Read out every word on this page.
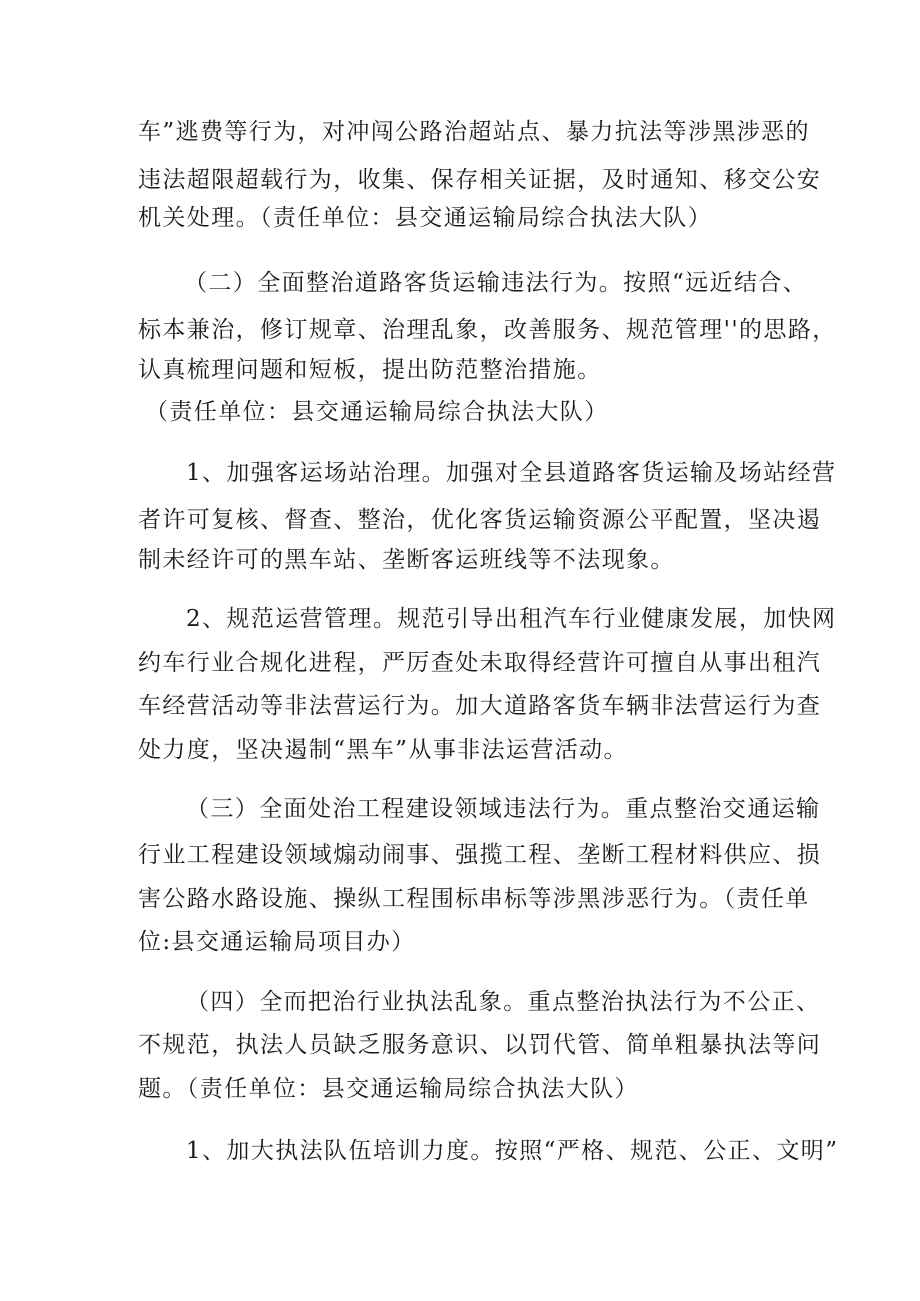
车”逃费等行为，对冲闯公路治超站点、暴力抗法等涉黑涉恶的
违法超限超载行为，收集、保存相关证据，及时通知、移交公安
机关处理。（责任单位：县交通运输局综合执法大队）
（二）全面整治道路客货运输违法行为。按照“远近结合、
标本兼治，修订规章、治理乱象，改善服务、规范管理''的思路，
认真梳理问题和短板，提出防范整治措施。
（责任单位：县交通运输局综合执法大队）
1、加强客运场站治理。加强对全县道路客货运输及场站经营
者许可复核、督查、整治，优化客货运输资源公平配置，坚决遏
制未经许可的黑车站、垄断客运班线等不法现象。
2、规范运营管理。规范引导出租汽车行业健康发展，加快网
约车行业合规化进程，严厉查处未取得经营许可擅自从事出租汽
车经营活动等非法营运行为。加大道路客货车辆非法营运行为查
处力度，坚决遏制“黑车”从事非法运营活动。
（三）全面处治工程建设领域违法行为。重点整治交通运输
行业工程建设领域煽动闹事、强揽工程、垄断工程材料供应、损
害公路水路设施、操纵工程围标串标等涉黑涉恶行为。（责任单
位:县交通运输局项目办）
（四）全而把治行业执法乱象。重点整治执法行为不公正、
不规范，执法人员缺乏服务意识、以罚代管、简单粗暴执法等问
题。（责任单位：县交通运输局综合执法大队）
1、加大执法队伍培训力度。按照“严格、规范、公正、文明”
